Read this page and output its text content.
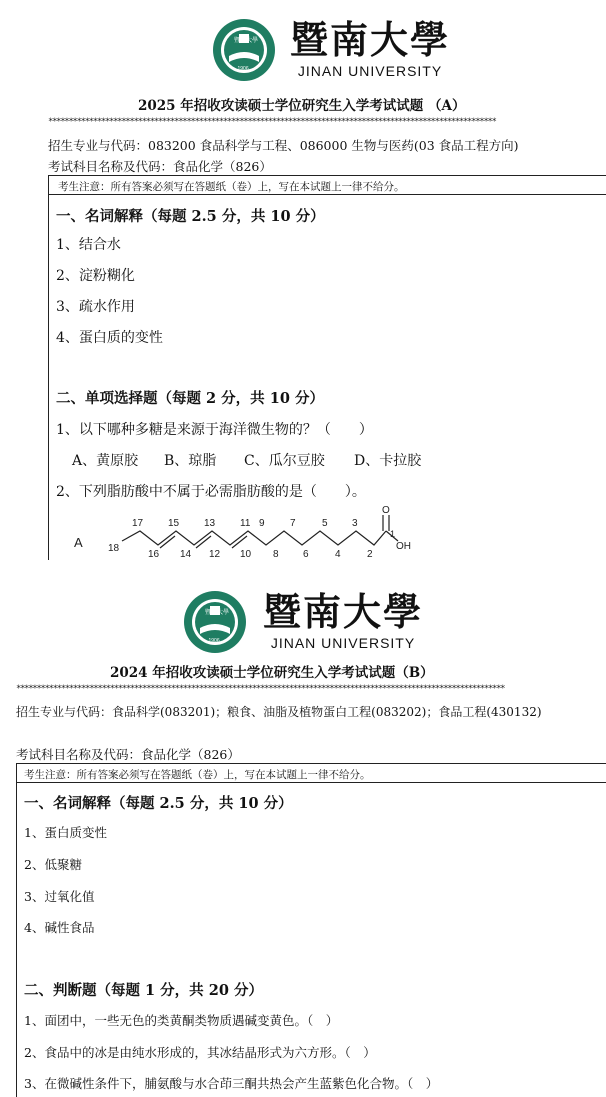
暨南大學
1906
暨南大學
JINAN UNIVERSITY
2025 年招收攻读硕士学位研究生入学考试试题 （A）
**************************************************************************************************************
招生专业与代码：083200 食品科学与工程、086000 生物与医药(03 食品工程方向)
考试科目名称及代码：食品化学（826）
考生注意：所有答案必须写在答题纸（卷）上，写在本试题上一律不给分。
一、名词解释（每题 2.5 分，共 10 分）
1、结合水
2、淀粉糊化
3、疏水作用
4、蛋白质的变性
二、单项选择题（每题 2 分，共 10 分）
1、以下哪种多糖是来源于海洋微生物的？（　　）
A、黄原胶 B、琼脂 C、瓜尔豆胶 D、卡拉胶
2、下列脂肪酸中不属于必需脂肪酸的是（　　）。
A
O
OH
1
17 15 13 11 9	7	5 3
18
16 14 12 10 8 6	4	2
暨南大學
1906
暨南大學
JINAN UNIVERSITY
2024 年招收攻读硕士学位研究生入学考试试题（B）
************************************************************************************************************************
招生专业与代码：食品科学(083201)；粮食、油脂及植物蛋白工程(083202)；食品工程(430132)
考试科目名称及代码：食品化学（826）
考生注意：所有答案必须写在答题纸（卷）上，写在本试题上一律不给分。
一、名词解释（每题 2.5 分，共 10 分）
1、蛋白质变性
2、低聚糖
3、过氧化值
4、碱性食品
二、判断题（每题 1 分，共 20 分）
1、面团中，一些无色的类黄酮类物质遇碱变黄色。（　）
2、食品中的冰是由纯水形成的，其冰结晶形式为六方形。（　）
3、在微碱性条件下，脯氨酸与水合茚三酮共热会产生蓝紫色化合物。（　）
